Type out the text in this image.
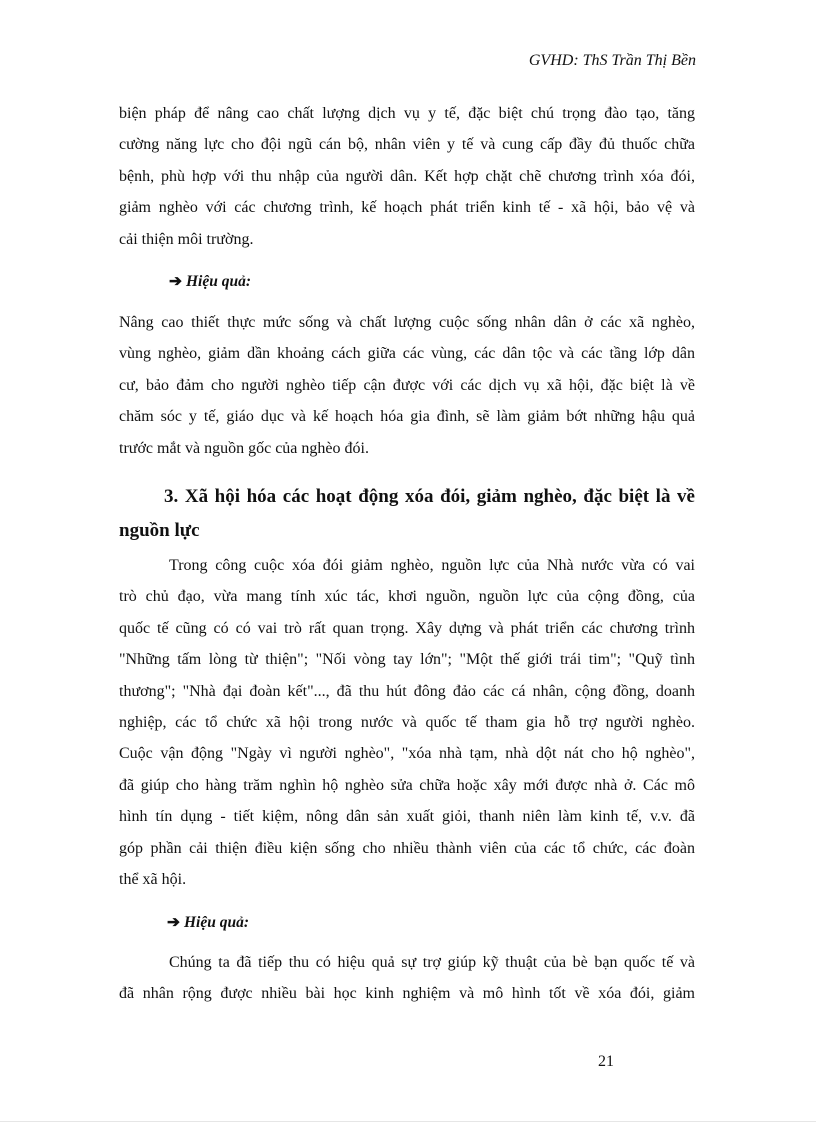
GVHD: ThS Trần Thị Bền
biện pháp để nâng cao chất lượng dịch vụ y tế, đặc biệt chú trọng đào tạo, tăng
cường năng lực cho đội ngũ cán bộ, nhân viên y tế và cung cấp đầy đủ thuốc chữa
bệnh, phù hợp với thu nhập của người dân. Kết hợp chặt chẽ chương trình xóa đói,
giảm nghèo với các chương trình, kế hoạch phát triển kinh tế - xã hội, bảo vệ và
cải thiện môi trường.
➔ Hiệu quả:
Nâng cao thiết thực mức sống và chất lượng cuộc sống nhân dân ở các xã nghèo,
vùng nghèo, giảm dần khoảng cách giữa các vùng, các dân tộc và các tầng lớp dân
cư, bảo đảm cho người nghèo tiếp cận được với các dịch vụ xã hội, đặc biệt là về
chăm sóc y tế, giáo dục và kế hoạch hóa gia đình, sẽ làm giảm bớt những hậu quả
trước mắt và nguồn gốc của nghèo đói.
3. Xã hội hóa các hoạt động xóa đói, giảm nghèo, đặc biệt là về
nguồn lực
Trong công cuộc xóa đói giảm nghèo, nguồn lực của Nhà nước vừa có vai
trò chủ đạo, vừa mang tính xúc tác, khơi nguồn, nguồn lực của cộng đồng, của
quốc tế cũng có có vai trò rất quan trọng. Xây dựng và phát triển các chương trình
"Những tấm lòng từ thiện"; "Nối vòng tay lớn"; "Một thế giới trái tim"; "Quỹ tình
thương"; "Nhà đại đoàn kết"..., đã thu hút đông đảo các cá nhân, cộng đồng, doanh
nghiệp, các tổ chức xã hội trong nước và quốc tế tham gia hỗ trợ người nghèo.
Cuộc vận động "Ngày vì người nghèo", "xóa nhà tạm, nhà dột nát cho hộ nghèo",
đã giúp cho hàng trăm nghìn hộ nghèo sửa chữa hoặc xây mới được nhà ở. Các mô
hình tín dụng - tiết kiệm, nông dân sản xuất giỏi, thanh niên làm kinh tế, v.v. đã
góp phần cải thiện điều kiện sống cho nhiều thành viên của các tổ chức, các đoàn
thể xã hội.
➔ Hiệu quả:
Chúng ta đã tiếp thu có hiệu quả sự trợ giúp kỹ thuật của bè bạn quốc tế và
đã nhân rộng được nhiều bài học kinh nghiệm và mô hình tốt về xóa đói, giảm
21
